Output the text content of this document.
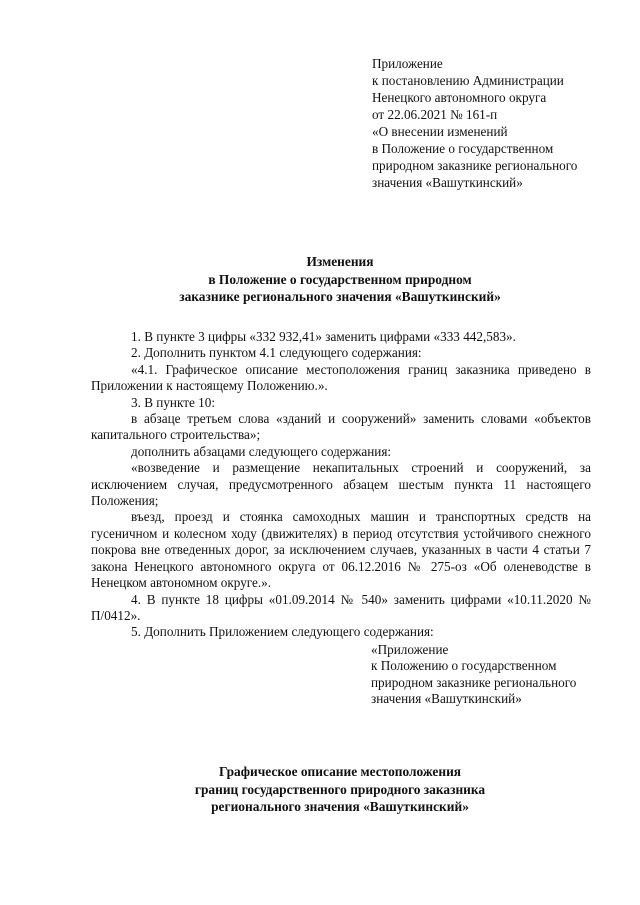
Приложение
к постановлению Администрации
Ненецкого автономного округа
от 22.06.2021 № 161-п
«О внесении изменений
в Положение о государственном
природном заказнике регионального
значения «Вашуткинский»
Изменения
в Положение о государственном природном
заказнике регионального значения «Вашуткинский»

1. В пункте 3 цифры «332 932,41» заменить цифрами «333 442,583».

2. Дополнить пунктом 4.1 следующего содержания:

«4.1. Графическое описание местоположения границ заказника приведено в Приложении к настоящему Положению.».

3. В пункте 10:

в абзаце третьем слова «зданий и сооружений» заменить словами «объектов капитального строительства»;

дополнить абзацами следующего содержания:

«возведение и размещение некапитальных строений и сооружений, за исключением случая, предусмотренного абзацем шестым пункта 11 настоящего Положения;

въезд, проезд и стоянка самоходных машин и транспортных средств на гусеничном и колесном ходу (движителях) в период отсутствия устойчивого снежного покрова вне отведенных дорог, за исключением случаев, указанных в части 4 статьи 7 закона Ненецкого автономного округа от 06.12.2016 № 275-оз «Об оленеводстве в Ненецком автономном округе.».

4. В пункте 18 цифры «01.09.2014 № 540» заменить цифрами «10.11.2020 № П/0412».

5. Дополнить Приложением следующего содержания:

«Приложение
к Положению о государственном
природном заказнике регионального
значения «Вашуткинский»
Графическое описание местоположения
границ государственного природного заказника
регионального значения «Вашуткинский»
